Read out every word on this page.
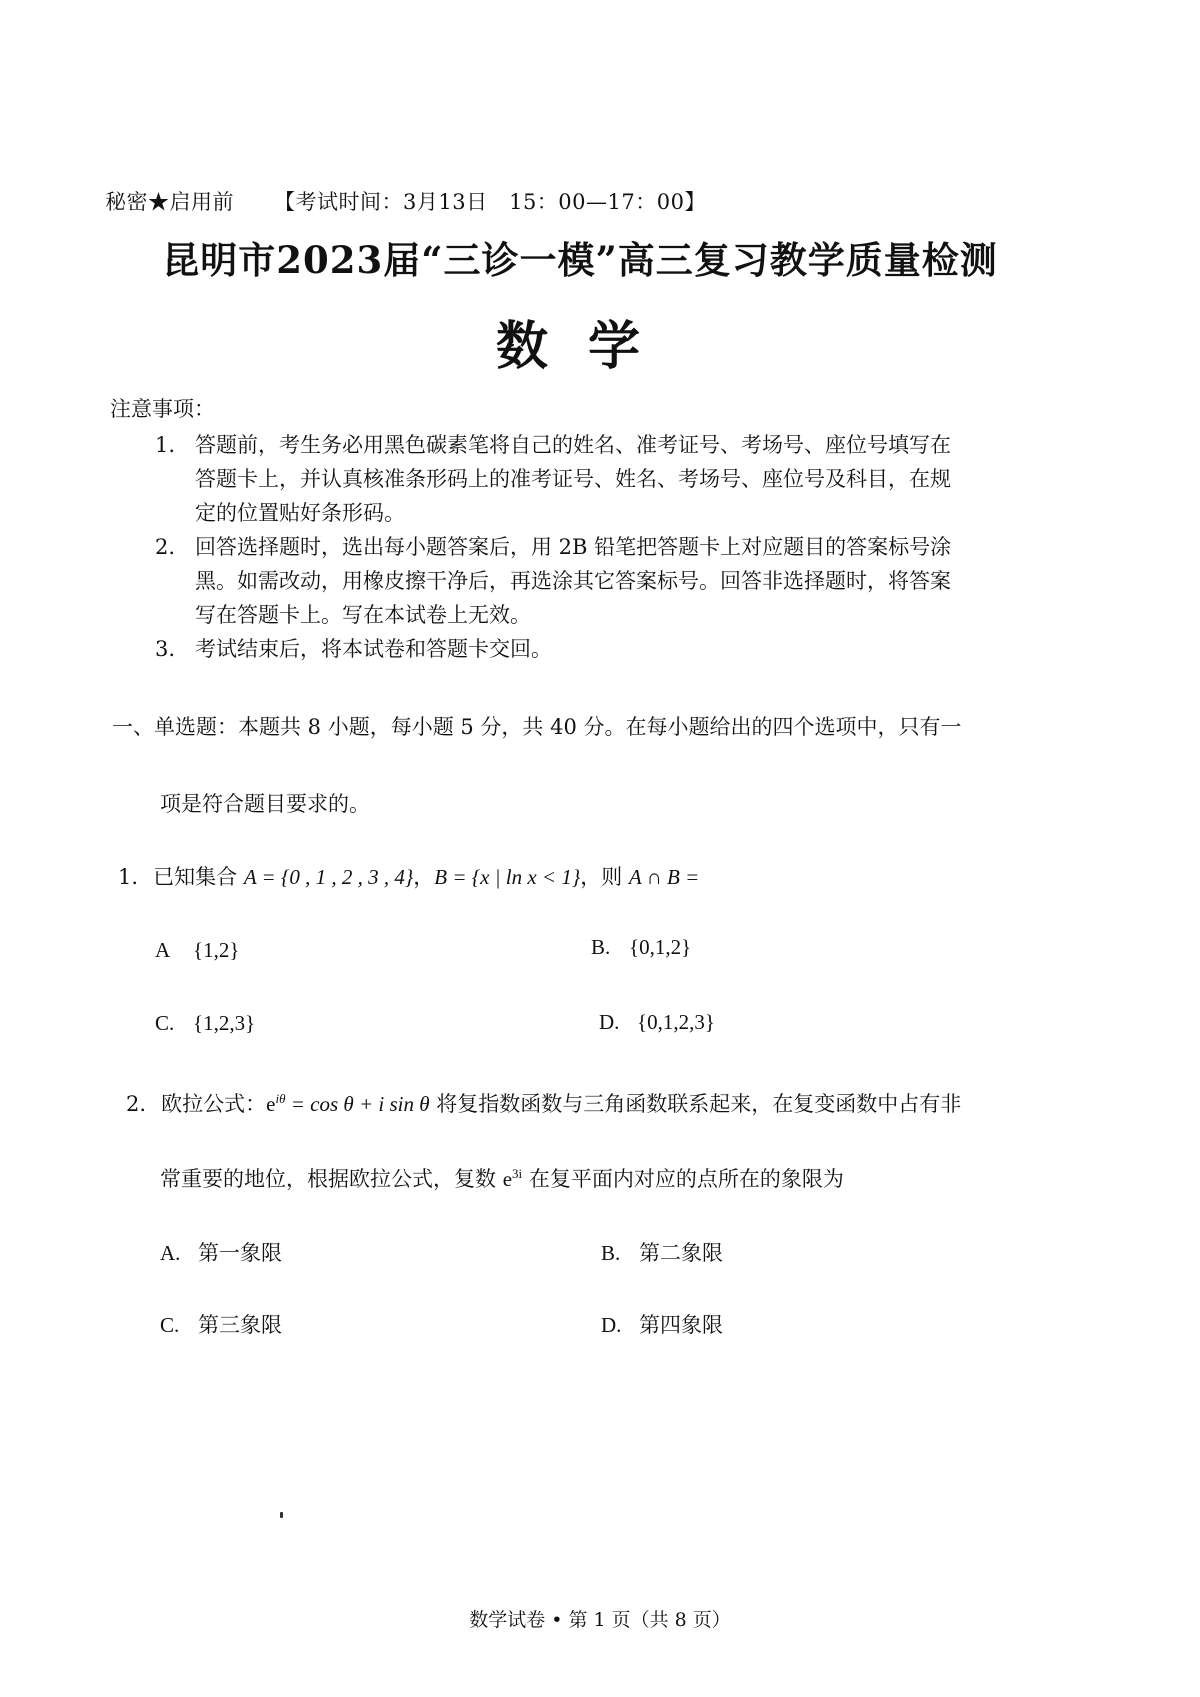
秘密★启用前 【考试时间：3月13日　15：00—17：00】
昆明市2023届“三诊一模”高三复习教学质量检测
数学
注意事项：
1. 答题前，考生务必用黑色碳素笔将自己的姓名、准考证号、考场号、座位号填写在
答题卡上，并认真核准条形码上的准考证号、姓名、考场号、座位号及科目，在规
定的位置贴好条形码。
2. 回答选择题时，选出每小题答案后，用 2B 铅笔把答题卡上对应题目的答案标号涂
黑。如需改动，用橡皮擦干净后，再选涂其它答案标号。回答非选择题时，将答案
写在答题卡上。写在本试卷上无效。
3. 考试结束后，将本试卷和答题卡交回。
一、单选题：本题共 8 小题，每小题 5 分，共 40 分。在每小题给出的四个选项中，只有一
项是符合题目要求的。
1. 已知集合 A = {0 , 1 , 2 , 3 , 4}，B = {x | ln x < 1}，则 A ∩ B =
A {1,2}	B. {0,1,2}
C. {1,2,3}	D. {0,1,2,3}
2. 欧拉公式：$e^{i\theta} = \cos \theta + i$ sin θ 将复指数函数与三角函数联系起来，在复变函数中占有非
常重要的地位，根据欧拉公式，复数 $e^{3i}$ 在复平面内对应的点所在的象限为
A. 第一象限	B. 第二象限
C. 第三象限	D. 第四象限
数学试卷 • 第 1 页（共 8 页）
